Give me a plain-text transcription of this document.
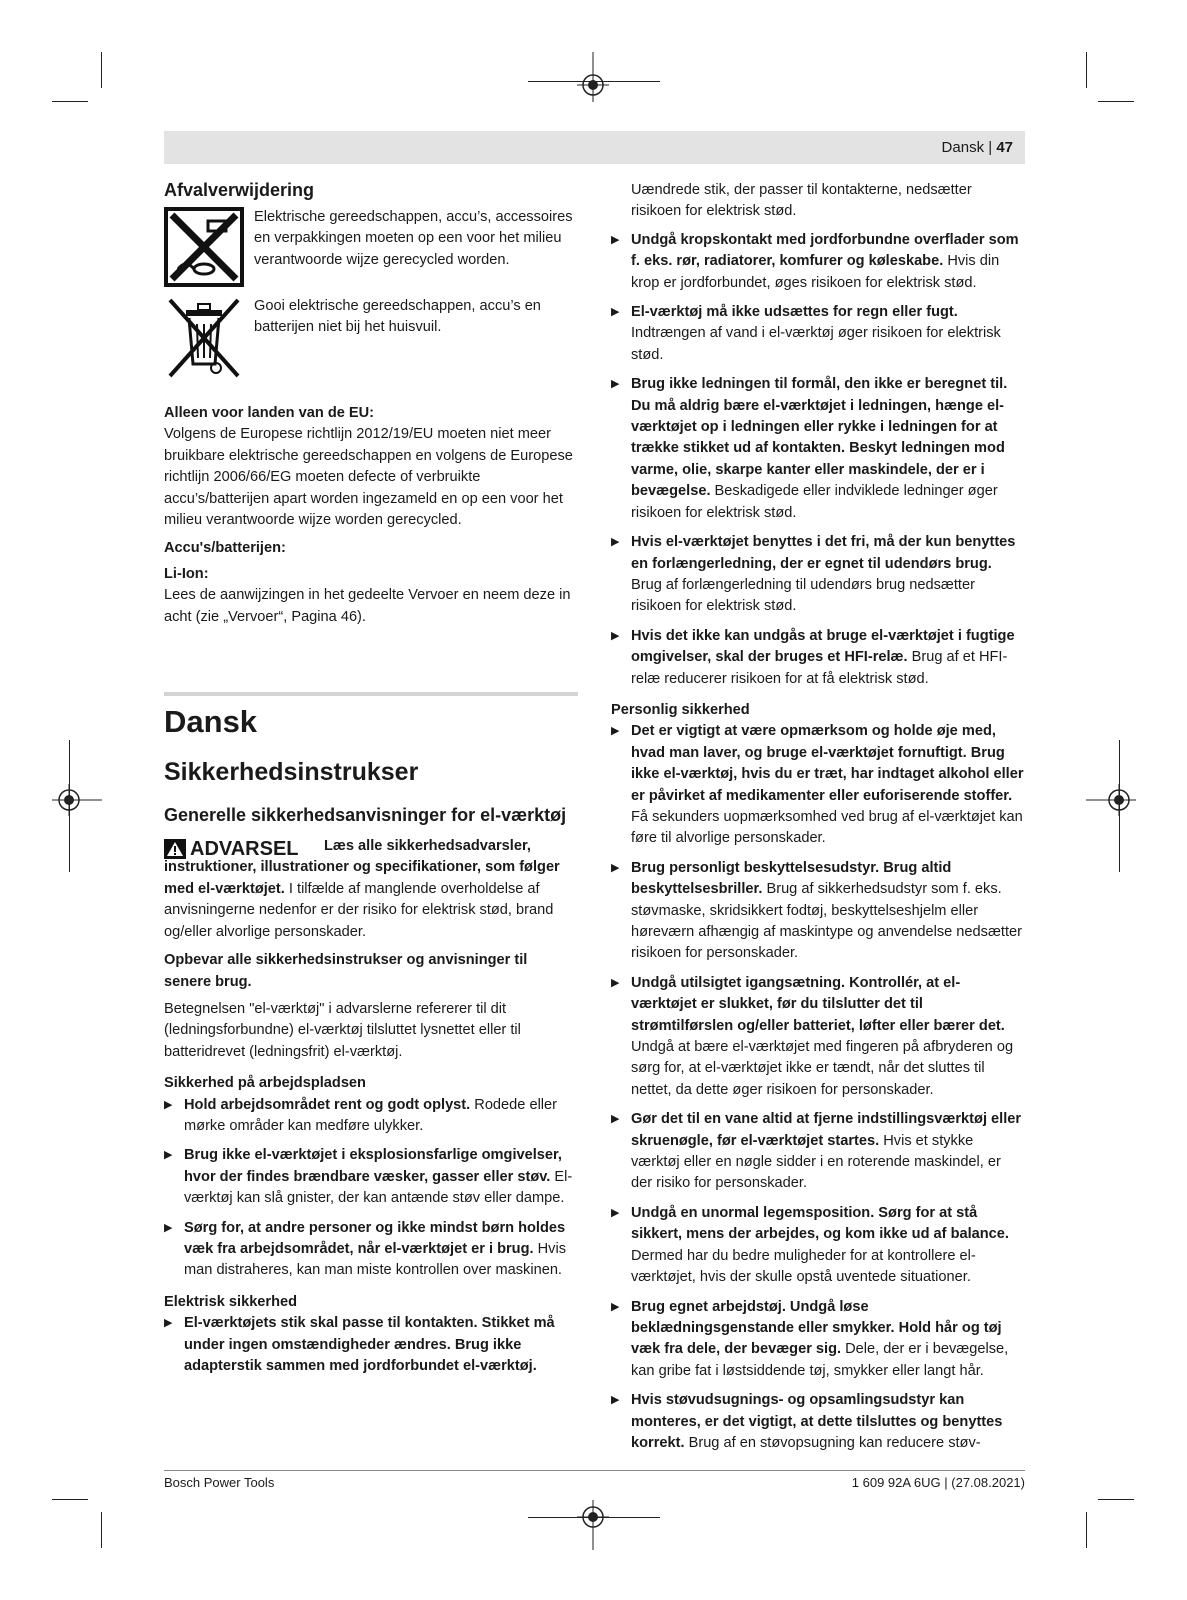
Dansk | 47
Afvalverwijdering
Elektrische gereedschappen, accu’s, accessoires en verpakkingen moeten op een voor het milieu verantwoorde wijze gerecycled worden.
Gooi elektrische gereedschappen, accu’s en batterijen niet bij het huisvuil.
Alleen voor landen van de EU:
Volgens de Europese richtlijn 2012/19/EU moeten niet meer bruikbare elektrische gereedschappen en volgens de Europese richtlijn 2006/66/EG moeten defecte of verbruikte accu’s/batterijen apart worden ingezameld en op een voor het milieu verantwoorde wijze worden gerecycled.
Accu's/batterijen:
Li-Ion:
Lees de aanwijzingen in het gedeelte Vervoer en neem deze in acht (zie „Vervoer“, Pagina 46).
Dansk
Sikkerhedsinstrukser
Generelle sikkerhedsanvisninger for el-værktøj
ADVARSEL	Læs alle sikkerhedsadvarsler, instruktioner, illustrationer og specifikationer, som følger med el-værktøjet. I tilfælde af manglende overholdelse af anvisningerne nedenfor er der risiko for elektrisk stød, brand og/eller alvorlige personskader.
Opbevar alle sikkerhedsinstrukser og anvisninger til senere brug.
Betegnelsen "el-værktøj" i advarslerne refererer til dit (ledningsforbundne) el-værktøj tilsluttet lysnettet eller til batteridrevet (ledningsfrit) el-værktøj.
Sikkerhed på arbejdspladsen
▶ Hold arbejdsområdet rent og godt oplyst. Rodede eller mørke områder kan medføre ulykker.
▶ Brug ikke el-værktøjet i eksplosionsfarlige omgivelser, hvor der findes brændbare væsker, gasser eller støv. El-værktøj kan slå gnister, der kan antænde støv eller dampe.
▶ Sørg for, at andre personer og ikke mindst børn holdes væk fra arbejdsområdet, når el-værktøjet er i brug. Hvis man distraheres, kan man miste kontrollen over maskinen.
Elektrisk sikkerhed
▶ El-værktøjets stik skal passe til kontakten. Stikket må under ingen omstændigheder ændres. Brug ikke adapterstik sammen med jordforbundet el-værktøj.
Uændrede stik, der passer til kontakterne, nedsætter risikoen for elektrisk stød.
▶ Undgå kropskontakt med jordforbundne overflader som f. eks. rør, radiatorer, komfurer og køleskabe. Hvis din krop er jordforbundet, øges risikoen for elektrisk stød.
▶ El-værktøj må ikke udsættes for regn eller fugt. Indtrængen af vand i el-værktøj øger risikoen for elektrisk stød.
▶ Brug ikke ledningen til formål, den ikke er beregnet til. Du må aldrig bære el-værktøjet i ledningen, hænge el-værktøjet op i ledningen eller rykke i ledningen for at trække stikket ud af kontakten. Beskyt ledningen mod varme, olie, skarpe kanter eller maskindele, der er i bevægelse. Beskadigede eller indviklede ledninger øger risikoen for elektrisk stød.
▶ Hvis el-værktøjet benyttes i det fri, må der kun benyttes en forlængerledning, der er egnet til udendørs brug. Brug af forlængerledning til udendørs brug nedsætter risikoen for elektrisk stød.
▶ Hvis det ikke kan undgås at bruge el-værktøjet i fugtige omgivelser, skal der bruges et HFI-relæ. Brug af et HFI-relæ reducerer risikoen for at få elektrisk stød.
Personlig sikkerhed
▶ Det er vigtigt at være opmærksom og holde øje med, hvad man laver, og bruge el-værktøjet fornuftigt. Brug ikke el-værktøj, hvis du er træt, har indtaget alkohol eller er påvirket af medikamenter eller euforiserende stoffer. Få sekunders uopmærksomhed ved brug af el-værktøjet kan føre til alvorlige personskader.
▶ Brug personligt beskyttelsesudstyr. Brug altid beskyttelsesbriller. Brug af sikkerhedsudstyr som f. eks. støvmaske, skridsikkert fodtøj, beskyttelseshjelm eller høreværn afhængig af maskintype og anvendelse nedsætter risikoen for personskader.
▶ Undgå utilsigtet igangsætning. Kontrollér, at el-værktøjet er slukket, før du tilslutter det til strømtilførslen og/eller batteriet, løfter eller bærer det. Undgå at bære el-værktøjet med fingeren på afbryderen og sørg for, at el-værktøjet ikke er tændt, når det sluttes til nettet, da dette øger risikoen for personskader.
▶ Gør det til en vane altid at fjerne indstillingsværktøj eller skruenøgle, før el-værktøjet startes. Hvis et stykke værktøj eller en nøgle sidder i en roterende maskindel, er der risiko for personskader.
▶ Undgå en unormal legemsposition. Sørg for at stå sikkert, mens der arbejdes, og kom ikke ud af balance. Dermed har du bedre muligheder for at kontrollere el-værktøjet, hvis der skulle opstå uventede situationer.
▶ Brug egnet arbejdstøj. Undgå løse beklædningsgenstande eller smykker. Hold hår og tøj væk fra dele, der bevæger sig. Dele, der er i bevægelse, kan gribe fat i løstsiddende tøj, smykker eller langt hår.
▶ Hvis støvudsugnings- og opsamlingsudstyr kan monteres, er det vigtigt, at dette tilsluttes og benyttes korrekt. Brug af en støvopsugning kan reducere støv-
Bosch Power Tools	1 609 92A 6UG | (27.08.2021)
